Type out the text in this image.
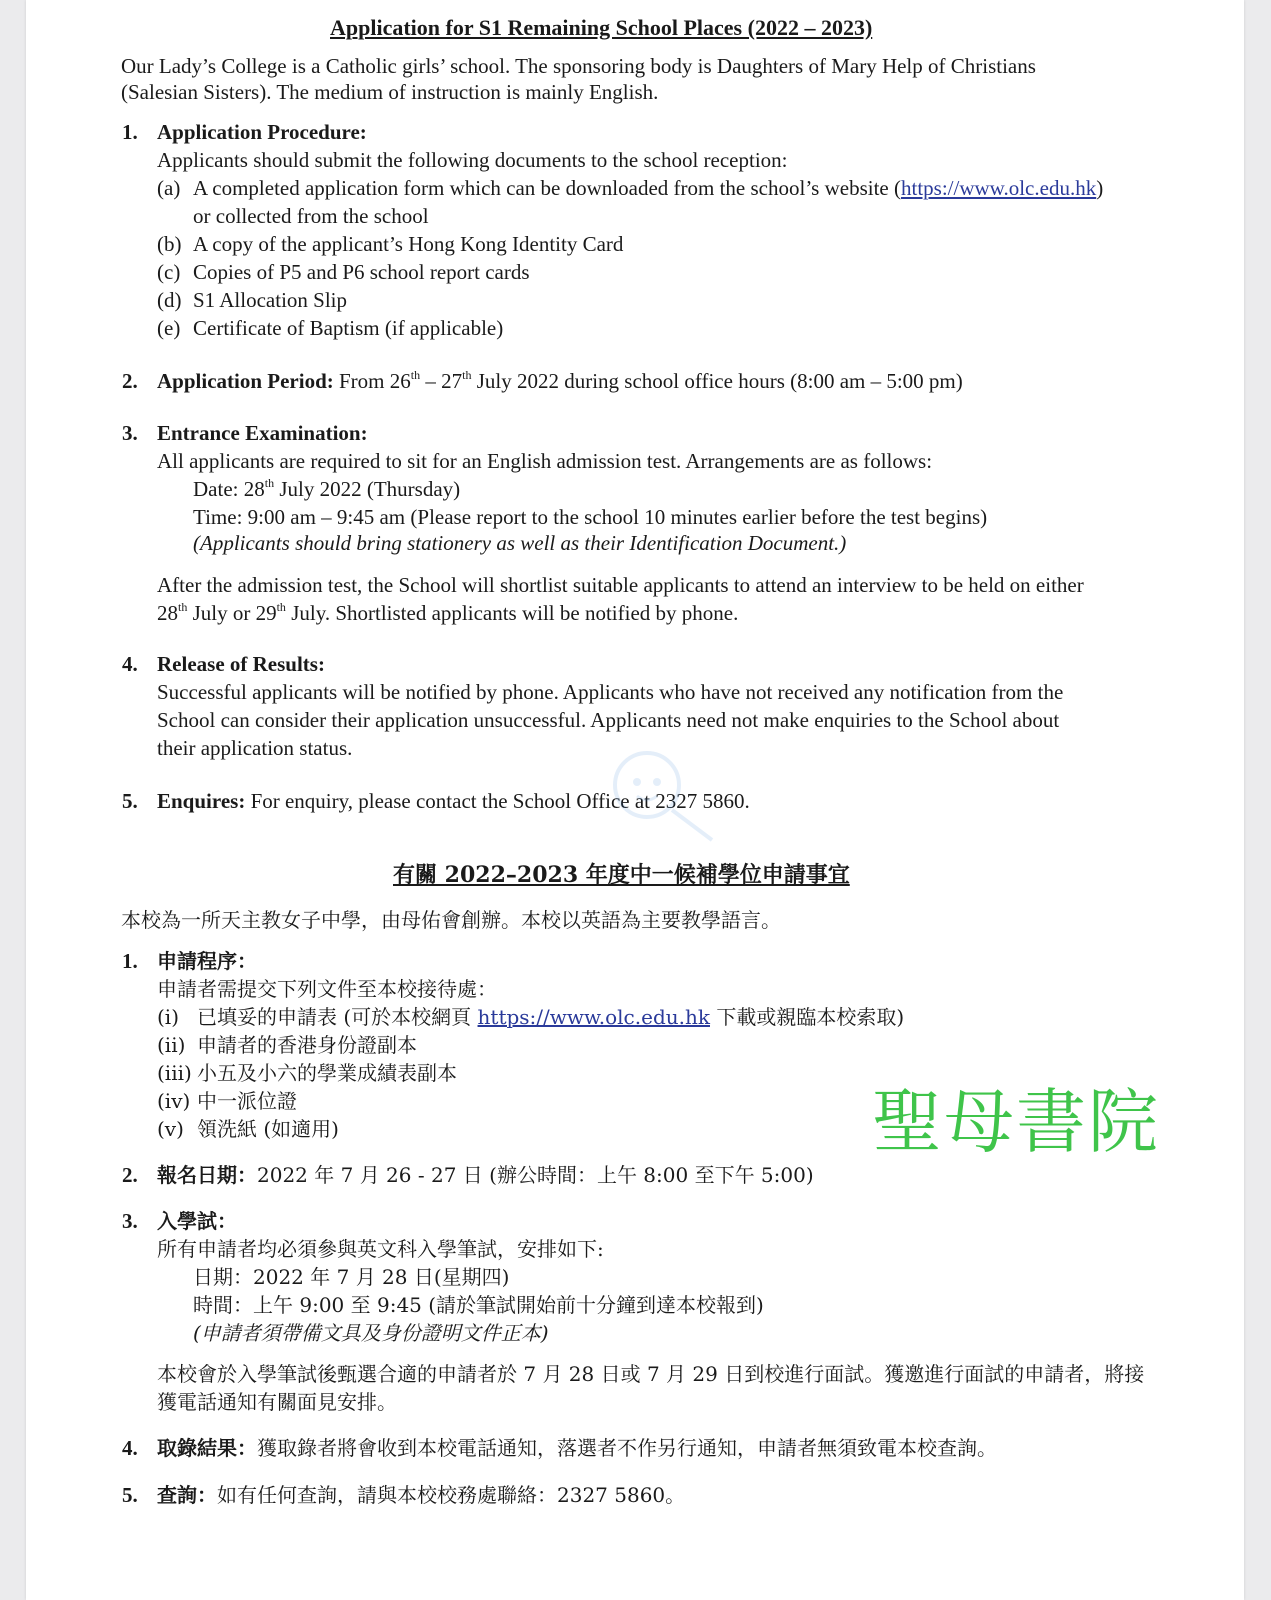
Application for S1 Remaining School Places (2022 – 2023)
Our Lady’s College is a Catholic girls’ school. The sponsoring body is Daughters of Mary Help of Christians
(Salesian Sisters). The medium of instruction is mainly English.
1. Application Procedure:
Applicants should submit the following documents to the school reception:
(a) A completed application form which can be downloaded from the school’s website (https://www.olc.edu.hk)
or collected from the school
(b) A copy of the applicant’s Hong Kong Identity Card
(c) Copies of P5 and P6 school report cards
(d) S1 Allocation Slip
(e) Certificate of Baptism (if applicable)
2. Application Period: From 26th – 27th July 2022 during school office hours (8:00 am – 5:00 pm)
3. Entrance Examination:
All applicants are required to sit for an English admission test. Arrangements are as follows:
Date: 28th July 2022 (Thursday)
Time: 9:00 am – 9:45 am (Please report to the school 10 minutes earlier before the test begins)
(Applicants should bring stationery as well as their Identification Document.)
After the admission test, the School will shortlist suitable applicants to attend an interview to be held on either
28th July or 29th July. Shortlisted applicants will be notified by phone.
4. Release of Results:
Successful applicants will be notified by phone. Applicants who have not received any notification from the
School can consider their application unsuccessful. Applicants need not make enquiries to the School about
their application status.
5. Enquires: For enquiry, please contact the School Office at 2327 5860.
有關 2022–2023 年度中一候補學位申請事宜
本校為一所天主教女子中學，由母佑會創辦。本校以英語為主要教學語言。
1. 申請程序：
申請者需提交下列文件至本校接待處：
(i) 已填妥的申請表 (可於本校網頁 https://www.olc.edu.hk 下載或親臨本校索取)
(ii) 申請者的香港身份證副本
(iii) 小五及小六的學業成績表副本
(iv) 中一派位證
(v) 領洗紙 (如適用)	聖母書院
2. 報名日期：2022 年 7 月 26 - 27 日 (辦公時間：上午 8:00 至下午 5:00)
3. 入學試：
所有申請者均必須參與英文科入學筆試，安排如下:
日期：2022 年 7 月 28 日(星期四)
時間：上午 9:00 至 9:45 (請於筆試開始前十分鐘到達本校報到)
(申請者須帶備文具及身份證明文件正本)
本校會於入學筆試後甄選合適的申請者於 7 月 28 日或 7 月 29 日到校進行面試。獲邀進行面試的申請者，將接
獲電話通知有關面見安排。
4. 取錄結果：獲取錄者將會收到本校電話通知，落選者不作另行通知，申請者無須致電本校查詢。
5. 查詢：如有任何查詢，請與本校校務處聯絡：2327 5860。
